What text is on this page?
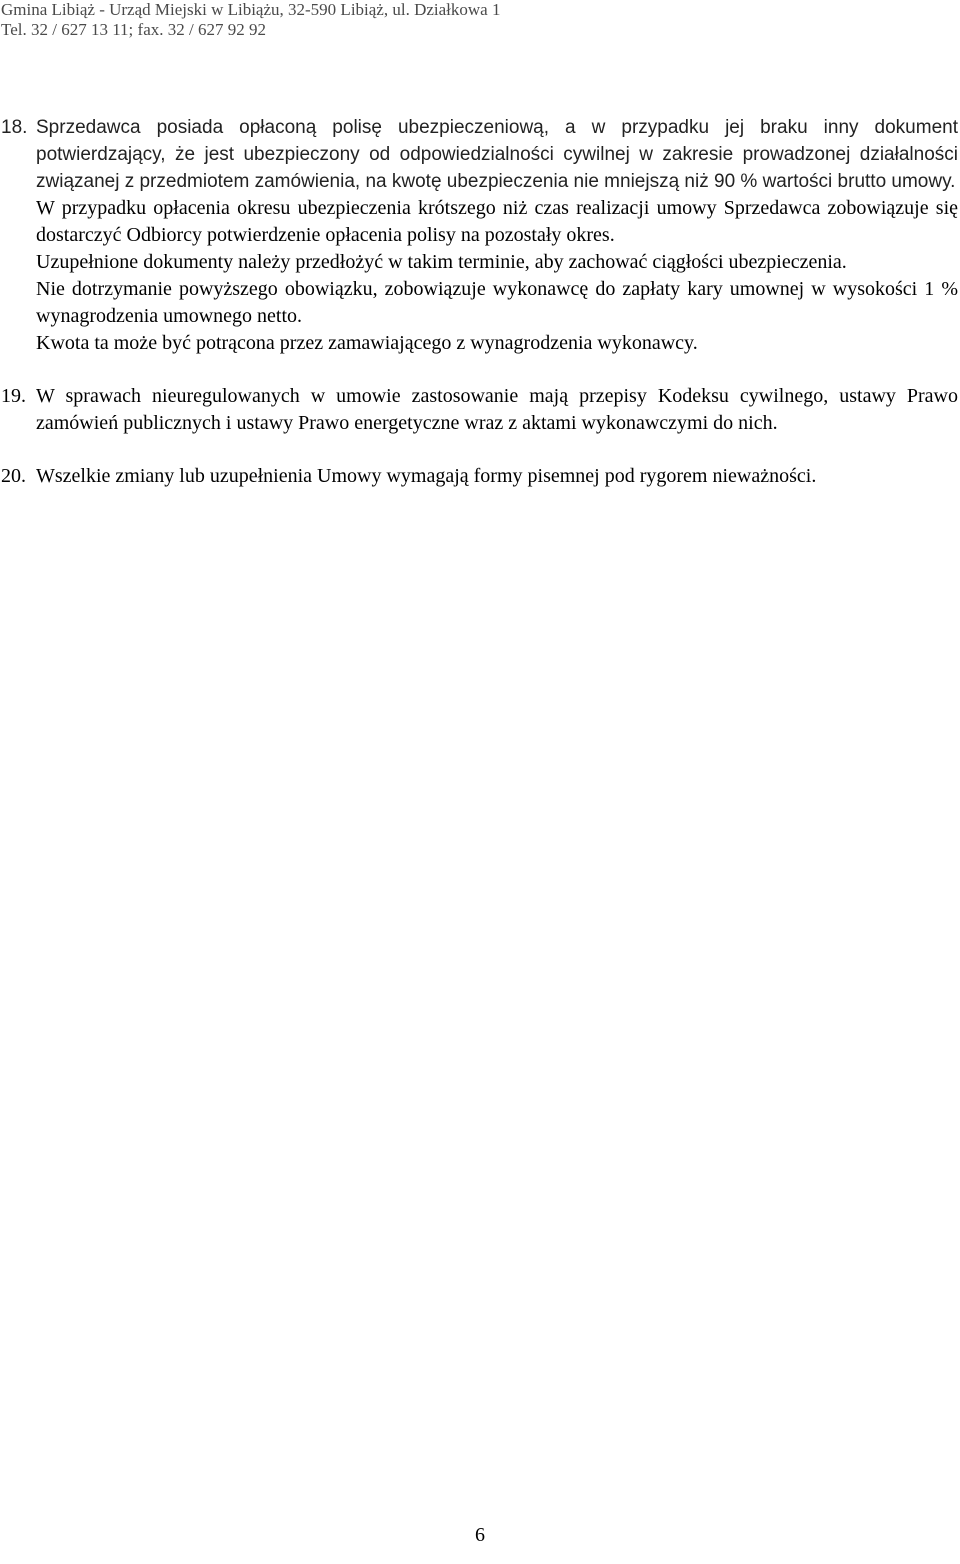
Gmina Libiąż - Urząd Miejski w Libiążu, 32-590 Libiąż, ul. Działkowa 1
Tel. 32 / 627 13 11; fax. 32 / 627 92 92
18. Sprzedawca posiada opłaconą polisę ubezpieczeniową, a w przypadku jej braku inny dokument potwierdzający, że jest ubezpieczony od odpowiedzialności cywilnej w zakresie prowadzonej działalności związanej z przedmiotem zamówienia, na kwotę ubezpieczenia nie mniejszą niż 90 % wartości brutto umowy.

W przypadku opłacenia okresu ubezpieczenia krótszego niż czas realizacji umowy Sprzedawca zobowiązuje się dostarczyć Odbiorcy potwierdzenie opłacenia polisy na pozostały okres.

Uzupełnione dokumenty należy przedłożyć w takim terminie, aby zachować ciągłości ubezpieczenia.

Nie dotrzymanie powyższego obowiązku, zobowiązuje wykonawcę do zapłaty kary umownej w wysokości 1 % wynagrodzenia umownego netto.

Kwota ta może być potrącona przez zamawiającego z wynagrodzenia wykonawcy.

19. W sprawach nieuregulowanych w umowie zastosowanie mają przepisy Kodeksu cywilnego, ustawy Prawo zamówień publicznych i ustawy Prawo energetyczne wraz z aktami wykonawczymi do nich.

20. Wszelkie zmiany lub uzupełnienia Umowy wymagają formy pisemnej pod rygorem nieważności.

6
